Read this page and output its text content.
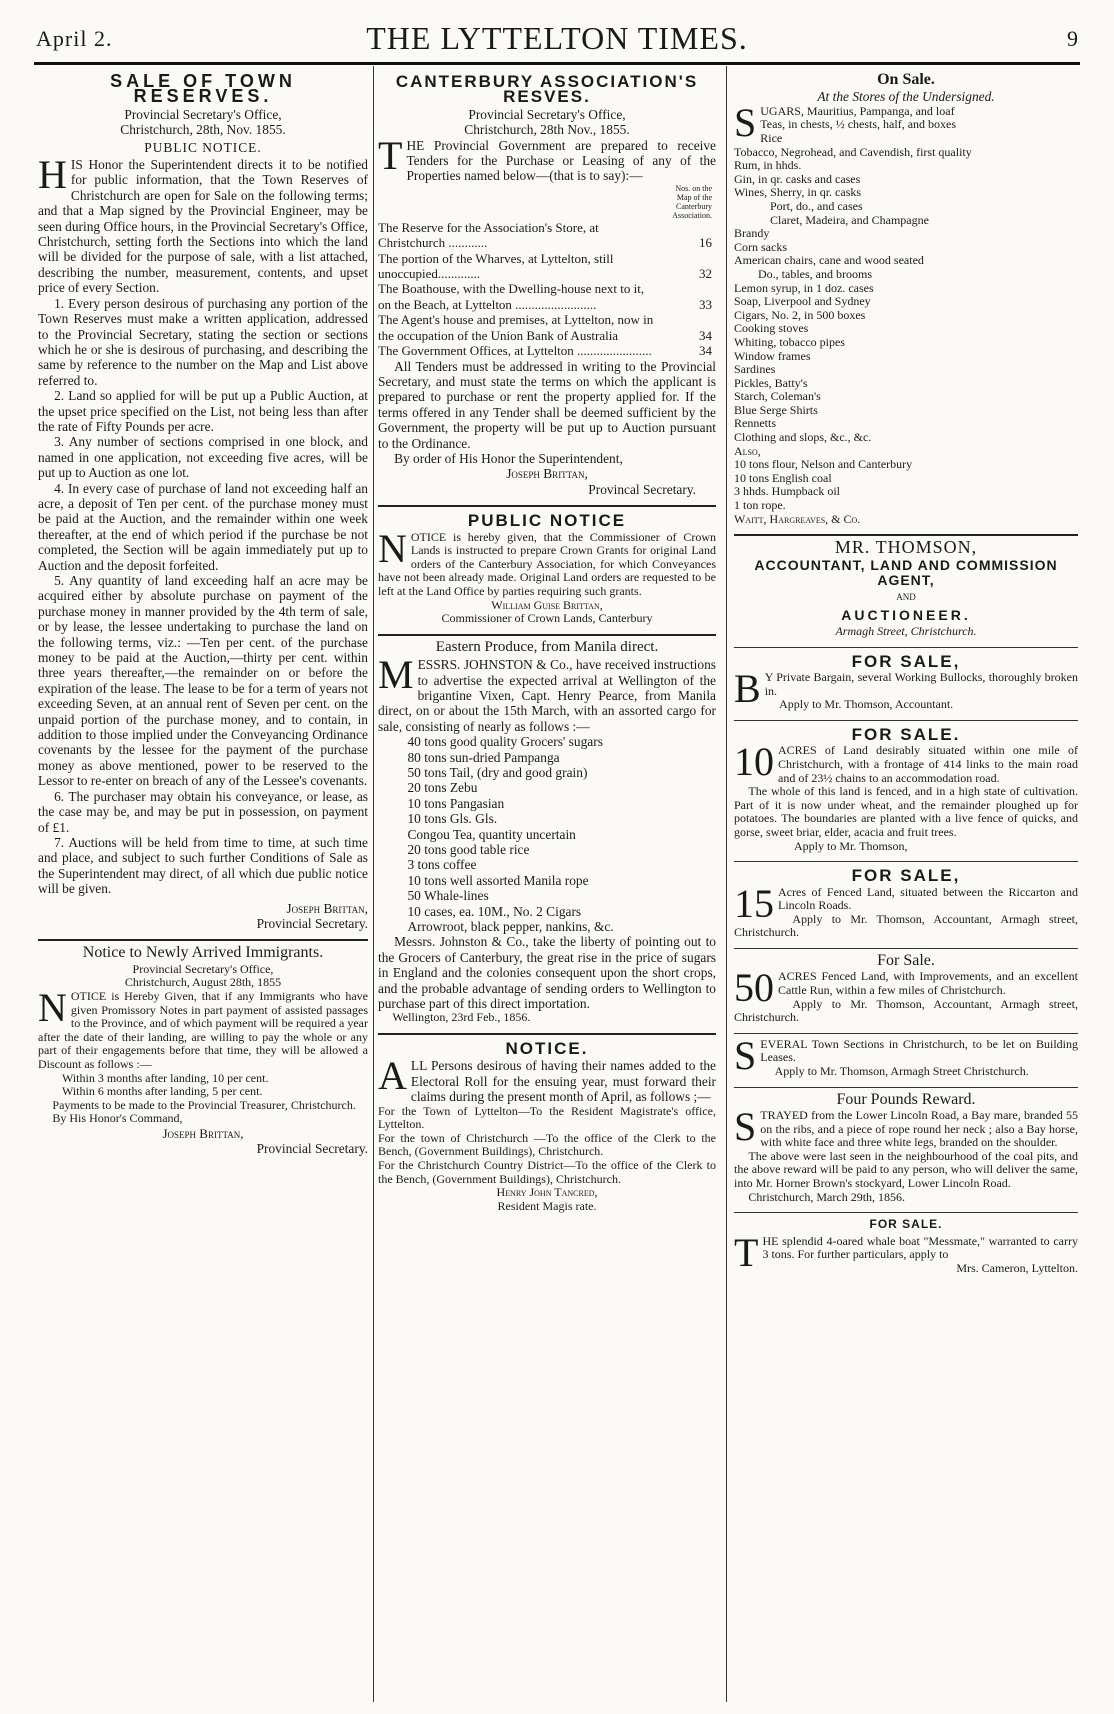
April 2.	THE LYTTELTON TIMES.	9
SALE OF TOWN RESERVES.

Provincial Secretary's Office,

Christchurch, 28th, Nov. 1855.

PUBLIC NOTICE.

HIS Honor the Superintendent directs it to be notified for public information, that the Town Reserves of Christchurch are open for Sale on the following terms; and that a Map signed by the Provincial Engineer, may be seen during Office hours, in the Provincial Secretary's Office, Christchurch, setting forth the Sections into which the land will be divided for the purpose of sale, with a list attached, describing the number, measurement, contents, and upset price of every Section.

1. Every person desirous of purchasing any portion of the Town Reserves must make a written application, addressed to the Provincial Secretary, stating the section or sections which he or she is desirous of purchasing, and describing the same by reference to the number on the Map and List above referred to.

2. Land so applied for will be put up a Public Auction, at the upset price specified on the List, not being less than after the rate of Fifty Pounds per acre.

3. Any number of sections comprised in one block, and named in one application, not exceeding five acres, will be put up to Auction as one lot.

4. In every case of purchase of land not exceeding half an acre, a deposit of Ten per cent. of the purchase money must be paid at the Auction, and the remainder within one week thereafter, at the end of which period if the purchase be not completed, the Section will be again immediately put up to Auction and the deposit forfeited.

5. Any quantity of land exceeding half an acre may be acquired either by absolute purchase on payment of the purchase money in manner provided by the 4th term of sale, or by lease, the lessee undertaking to purchase the land on the following terms, viz.: —Ten per cent. of the purchase money to be paid at the Auction,—thirty per cent. within three years thereafter,—the remainder on or before the expiration of the lease. The lease to be for a term of years not exceeding Seven, at an annual rent of Seven per cent. on the unpaid portion of the purchase money, and to contain, in addition to those implied under the Conveyancing Ordinance covenants by the lessee for the payment of the purchase money as above mentioned, power to be reserved to the Lessor to re-enter on breach of any of the Lessee's covenants.

6. The purchaser may obtain his conveyance, or lease, as the case may be, and may be put in possession, on payment of £1.

7. Auctions will be held from time to time, at such time and place, and subject to such further Conditions of Sale as the Superintendent may direct, of all which due public notice will be given.

Joseph Brittan,

Provincial Secretary.

Notice to Newly Arrived Immigrants.

Provincial Secretary's Office,

Christchurch, August 28th, 1855

NOTICE is Hereby Given, that if any Immigrants who have given Promissory Notes in part payment of assisted passages to the Province, and of which payment will be required a year after the date of their landing, are willing to pay the whole or any part of their engagements before that time, they will be allowed a Discount as follows :—

Within 3 months after landing, 10 per cent.

Within 6 months after landing, 5 per cent.

Payments to be made to the Provincial Treasurer, Christchurch.

By His Honor's Command,

Joseph Brittan,

Provincial Secretary.

CANTERBURY ASSOCIATION'S RESVES.

Provincial Secretary's Office,

Christchurch, 28th Nov., 1855.

THE Provincial Government are prepared to receive Tenders for the Purchase or Leasing of any of the Properties named below—(that is to say):—

	Nos. on the Map of the Canterbury Association.
The Reserve for the Association's Store, at Christchurch ............	16
The portion of the Wharves, at Lyttelton, still unoccupied.............	32
The Boathouse, with the Dwelling-house next to it, on the Beach, at Lyttelton .........................	33
The Agent's house and premises, at Lyttelton, now in the occupation of the Union Bank of Australia	34
The Government Offices, at Lyttelton .......................	34

All Tenders must be addressed in writing to the Provincial Secretary, and must state the terms on which the applicant is prepared to purchase or rent the property applied for. If the terms offered in any Tender shall be deemed sufficient by the Government, the property will be put up to Auction pursuant to the Ordinance.

By order of His Honor the Superintendent,

Joseph Brittan,

Provincal Secretary.

PUBLIC NOTICE

NOTICE is hereby given, that the Commissioner of Crown Lands is instructed to prepare Crown Grants for original Land orders of the Canterbury Association, for which Conveyances have not been already made. Original Land orders are requested to be left at the Land Office by parties requiring such grants.

William Guise Brittan,

Commissioner of Crown Lands, Canterbury

Eastern Produce, from Manila direct.

MESSRS. JOHNSTON & Co., have received instructions to advertise the expected arrival at Wellington of the brigantine Vixen, Capt. Henry Pearce, from Manila direct, on or about the 15th March, with an assorted cargo for sale, consisting of nearly as follows :—

40 tons good quality Grocers' sugars

80 tons sun-dried Pampanga

50 tons Tail, (dry and good grain)

20 tons Zebu

10 tons Pangasian

10 tons Gls. Gls.

Congou Tea, quantity uncertain

20 tons good table rice

3 tons coffee

10 tons well assorted Manila rope

50 Whale-lines

10 cases, ea. 10M., No. 2 Cigars

Arrowroot, black pepper, nankins, &c.

Messrs. Johnston & Co., take the liberty of pointing out to the Grocers of Canterbury, the great rise in the price of sugars in England and the colonies consequent upon the short crops, and the probable advantage of sending orders to Wellington to purchase part of this direct importation.

Wellington, 23rd Feb., 1856.

NOTICE.

ALL Persons desirous of having their names added to the Electoral Roll for the ensuing year, must forward their claims during the present month of April, as follows ;—

For the Town of Lyttelton—To the Resident Magistrate's office, Lyttelton.

For the town of Christchurch —To the office of the Clerk to the Bench, (Government Buildings), Christchurch.

For the Christchurch Country District—To the office of the Clerk to the Bench, (Government Buildings), Christchurch.

Henry John Tancred,

Resident Magis rate.

On Sale.

At the Stores of the Undersigned.

SUGARS, Mauritius, Pampanga, and loaf

Teas, in chests, ½ chests, half, and boxes

Rice

Tobacco, Negrohead, and Cavendish, first quality

Rum, in hhds.

Gin, in qr. casks and cases

Wines, Sherry, in qr. casks

Port, do., and cases

Claret, Madeira, and Champagne

Brandy

Corn sacks

American chairs, cane and wood seated

Do., tables, and brooms

Lemon syrup, in 1 doz. cases

Soap, Liverpool and Sydney

Cigars, No. 2, in 500 boxes

Cooking stoves

Whiting, tobacco pipes

Window frames

Sardines

Pickles, Batty's

Starch, Coleman's

Blue Serge Shirts

Rennetts

Clothing and slops, &c., &c.

Also,

10 tons flour, Nelson and Canterbury

10 tons English coal

3 hhds. Humpback oil

1 ton rope.

Waitt, Hargreaves, & Co.

MR. THOMSON,

ACCOUNTANT, LAND AND COMMISSION AGENT,

AND

AUCTIONEER.

Armagh Street, Christchurch.

FOR SALE,

B Y Private Bargain, several Working Bullocks, thoroughly broken in.

Apply to Mr. Thomson, Accountant.

FOR SALE.

10 ACRES of Land desirably situated within one mile of Christchurch, with a frontage of 414 links to the main road and of 23½ chains to an accommodation road.

The whole of this land is fenced, and in a high state of cultivation. Part of it is now under wheat, and the remainder ploughed up for potatoes. The boundaries are planted with a live fence of quicks, and gorse, sweet briar, elder, acacia and fruit trees.

Apply to Mr. Thomson,

FOR SALE,

15 Acres of Fenced Land, situated between the Riccarton and Lincoln Roads.

Apply to Mr. Thomson, Accountant, Armagh street, Christchurch.

For Sale.

50 ACRES Fenced Land, with Improvements, and an excellent Cattle Run, within a few miles of Christchurch.

Apply to Mr. Thomson, Accountant, Armagh street, Christchurch.

SEVERAL Town Sections in Christchurch, to be let on Building Leases.

Apply to Mr. Thomson, Armagh Street Christchurch.

Four Pounds Reward.

STRAYED from the Lower Lincoln Road, a Bay mare, branded 55 on the ribs, and a piece of rope round her neck ; also a Bay horse, with white face and three white legs, branded on the shoulder.

The above were last seen in the neighbourhood of the coal pits, and the above reward will be paid to any person, who will deliver the same, into Mr. Horner Brown's stockyard, Lower Lincoln Road.

Christchurch, March 29th, 1856.

FOR SALE.

THE splendid 4-oared whale boat "Messmate," warranted to carry 3 tons. For further particulars, apply to

Mrs. Cameron, Lyttelton.
